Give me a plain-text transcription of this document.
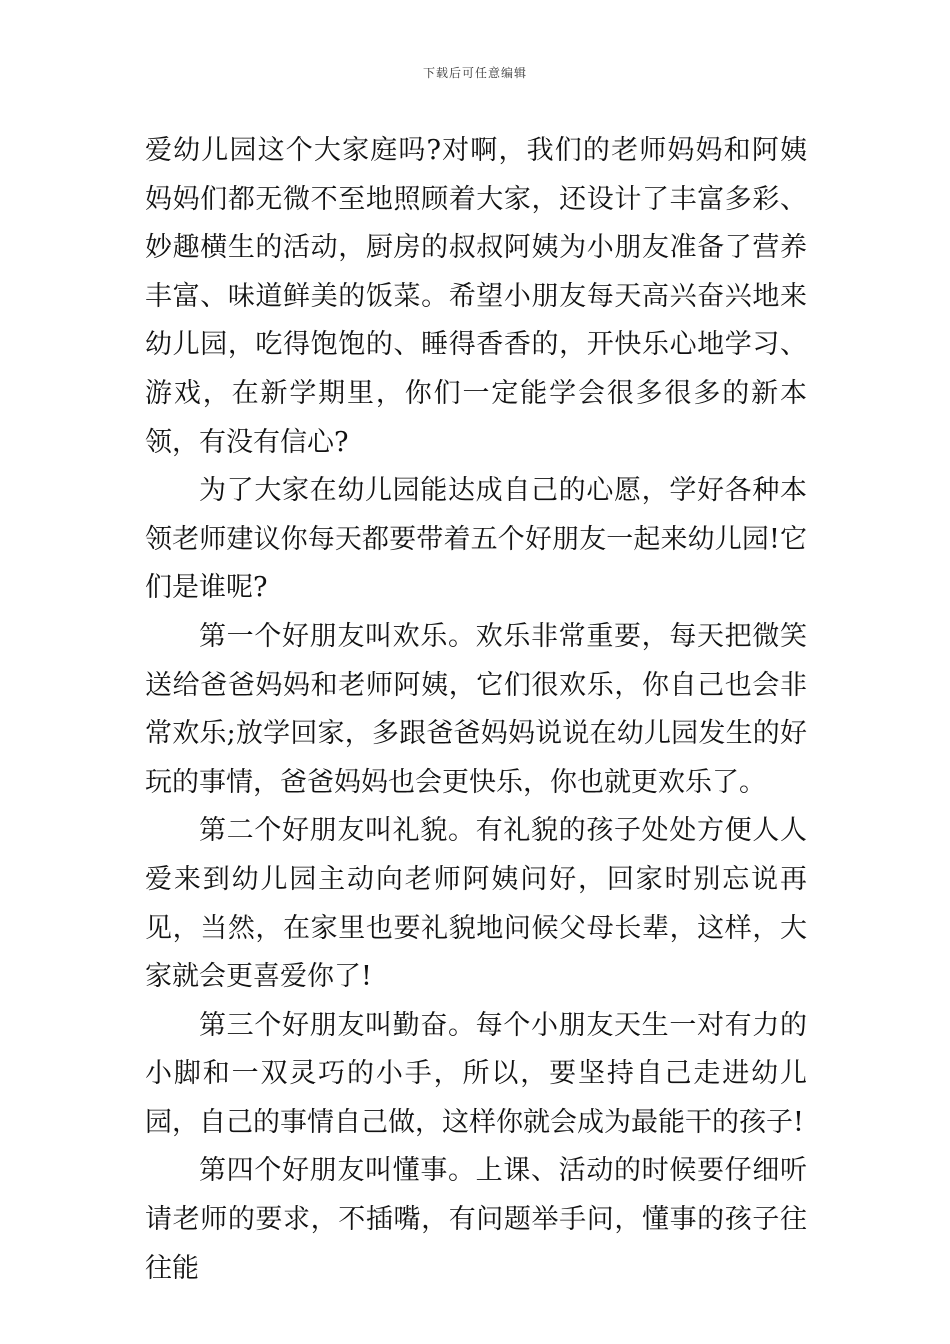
下载后可任意编辑

爱幼儿园这个大家庭吗?对啊，我们的老师妈妈和阿姨妈妈们都无微不至地照顾着大家，还设计了丰富多彩、妙趣横生的活动，厨房的叔叔阿姨为小朋友准备了营养丰富、味道鲜美的饭菜。希望小朋友每天高兴奋兴地来幼儿园，吃得饱饱的、睡得香香的，开快乐心地学习、游戏，在新学期里，你们一定能学会很多很多的新本领，有没有信心?

为了大家在幼儿园能达成自己的心愿，学好各种本领老师建议你每天都要带着五个好朋友一起来幼儿园!它们是谁呢?

第一个好朋友叫欢乐。欢乐非常重要，每天把微笑送给爸爸妈妈和老师阿姨，它们很欢乐，你自己也会非常欢乐;放学回家，多跟爸爸妈妈说说在幼儿园发生的好玩的事情，爸爸妈妈也会更快乐，你也就更欢乐了。

第二个好朋友叫礼貌。有礼貌的孩子处处方便人人爱来到幼儿园主动向老师阿姨问好，回家时别忘说再见，当然，在家里也要礼貌地问候父母长辈，这样，大家就会更喜爱你了!

第三个好朋友叫勤奋。每个小朋友天生一对有力的小脚和一双灵巧的小手，所以，要坚持自己走进幼儿园，自己的事情自己做，这样你就会成为最能干的孩子!

第四个好朋友叫懂事。上课、活动的时候要仔细听请老师的要求，不插嘴，有问题举手问，懂事的孩子往往能
